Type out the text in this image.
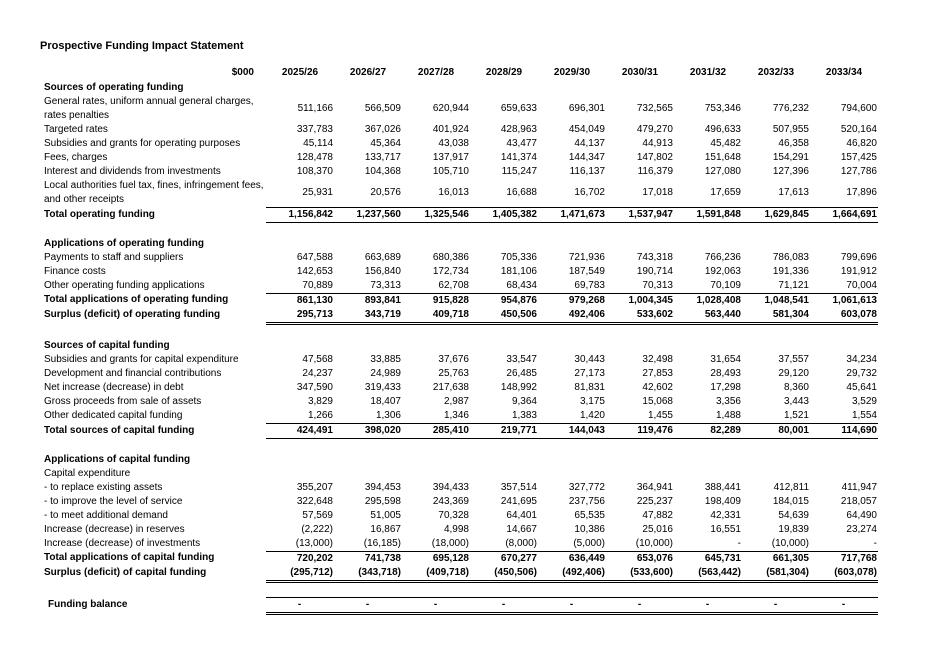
Prospective Funding Impact Statement
$000	2025/26	2026/27	2027/28	2028/29	2029/30	2030/31	2031/32	2032/33	2033/34
Sources of operating funding									
General rates, uniform annual general charges, rates penalties	511,166	566,509	620,944	659,633	696,301	732,565	753,346	776,232	794,600
Targeted rates	337,783	367,026	401,924	428,963	454,049	479,270	496,633	507,955	520,164
Subsidies and grants for operating purposes	45,114	45,364	43,038	43,477	44,137	44,913	45,482	46,358	46,820
Fees, charges	128,478	133,717	137,917	141,374	144,347	147,802	151,648	154,291	157,425
Interest and dividends from investments	108,370	104,368	105,710	115,247	116,137	116,379	127,080	127,396	127,786
Local authorities fuel tax, fines, infringement fees, and other receipts	25,931	20,576	16,013	16,688	16,702	17,018	17,659	17,613	17,896
Total operating funding	1,156,842	1,237,560	1,325,546	1,405,382	1,471,673	1,537,947	1,591,848	1,629,845	1,664,691

Applications of operating funding									
Payments to staff and suppliers	647,588	663,689	680,386	705,336	721,936	743,318	766,236	786,083	799,696
Finance costs	142,653	156,840	172,734	181,106	187,549	190,714	192,063	191,336	191,912
Other operating funding applications	70,889	73,313	62,708	68,434	69,783	70,313	70,109	71,121	70,004
Total applications of operating funding	861,130	893,841	915,828	954,876	979,268	1,004,345	1,028,408	1,048,541	1,061,613
Surplus (deficit) of operating funding	295,713	343,719	409,718	450,506	492,406	533,602	563,440	581,304	603,078

Sources of capital funding									
Subsidies and grants for capital expenditure	47,568	33,885	37,676	33,547	30,443	32,498	31,654	37,557	34,234
Development and financial contributions	24,237	24,989	25,763	26,485	27,173	27,853	28,493	29,120	29,732
Net increase (decrease) in debt	347,590	319,433	217,638	148,992	81,831	42,602	17,298	8,360	45,641
Gross proceeds from sale of assets	3,829	18,407	2,987	9,364	3,175	15,068	3,356	3,443	3,529
Other dedicated capital funding	1,266	1,306	1,346	1,383	1,420	1,455	1,488	1,521	1,554
Total sources of capital funding	424,491	398,020	285,410	219,771	144,043	119,476	82,289	80,001	114,690

Applications of capital funding									
Capital expenditure									
- to replace existing assets	355,207	394,453	394,433	357,514	327,772	364,941	388,441	412,811	411,947
- to improve the level of service	322,648	295,598	243,369	241,695	237,756	225,237	198,409	184,015	218,057
- to meet additional demand	57,569	51,005	70,328	64,401	65,535	47,882	42,331	54,639	64,490
Increase (decrease) in reserves	(2,222)	16,867	4,998	14,667	10,386	25,016	16,551	19,839	23,274
Increase (decrease) of investments	(13,000)	(16,185)	(18,000)	(8,000)	(5,000)	(10,000)	-	(10,000)	-
Total applications of capital funding	720,202	741,738	695,128	670,277	636,449	653,076	645,731	661,305	717,768
Surplus (deficit) of capital funding	(295,712)	(343,718)	(409,718)	(450,506)	(492,406)	(533,600)	(563,442)	(581,304)	(603,078)

Funding balance	-	-	-	-	-	-	-	-	-
